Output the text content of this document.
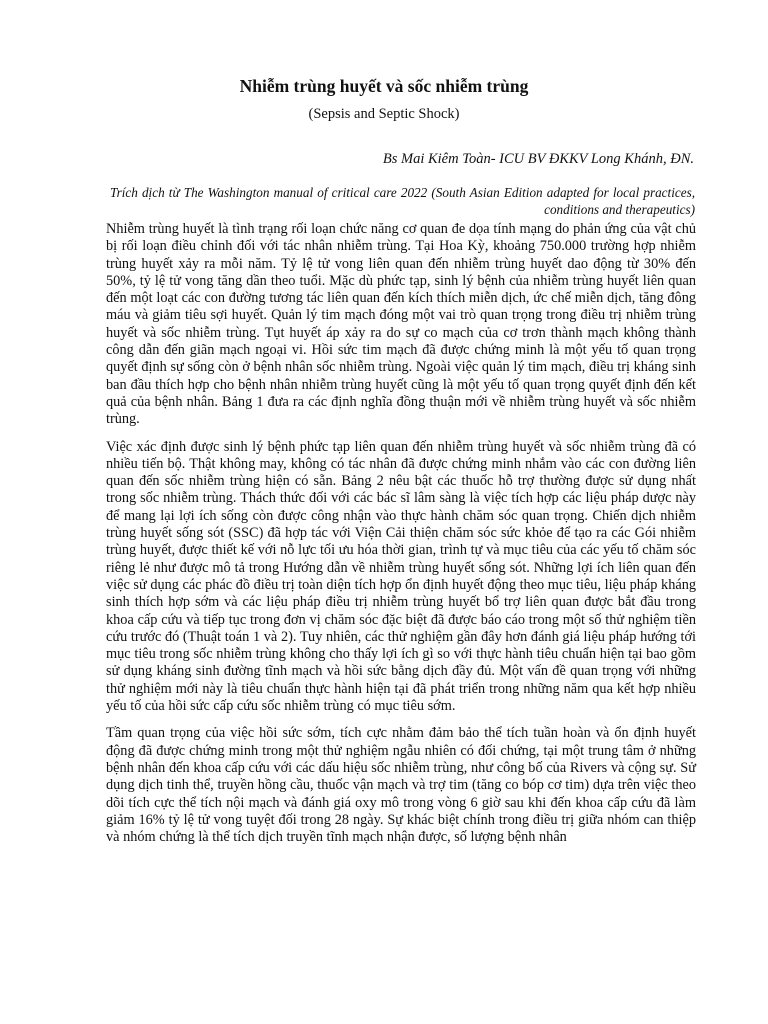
Nhiễm trùng huyết và sốc nhiễm trùng
(Sepsis and Septic Shock)
Bs Mai Kiêm Toàn- ICU BV ĐKKV Long Khánh, ĐN.
Trích dịch từ The Washington manual of critical care 2022 (South Asian Edition adapted for local practices, conditions and therapeutics)

Nhiễm trùng huyết là tình trạng rối loạn chức năng cơ quan đe dọa tính mạng do phản ứng của vật chủ bị rối loạn điều chỉnh đối với tác nhân nhiễm trùng. Tại Hoa Kỳ, khoảng 750.000 trường hợp nhiễm trùng huyết xảy ra mỗi năm. Tỷ lệ tử vong liên quan đến nhiễm trùng huyết dao động từ 30% đến 50%, tỷ lệ tử vong tăng dần theo tuổi. Mặc dù phức tạp, sinh lý bệnh của nhiễm trùng huyết liên quan đến một loạt các con đường tương tác liên quan đến kích thích miễn dịch, ức chế miễn dịch, tăng đông máu và giảm tiêu sợi huyết. Quản lý tim mạch đóng một vai trò quan trọng trong điều trị nhiễm trùng huyết và sốc nhiễm trùng. Tụt huyết áp xảy ra do sự co mạch của cơ trơn thành mạch không thành công dẫn đến giãn mạch ngoại vi. Hồi sức tim mạch đã được chứng minh là một yếu tố quan trọng quyết định sự sống còn ở bệnh nhân sốc nhiễm trùng. Ngoài việc quản lý tim mạch, điều trị kháng sinh ban đầu thích hợp cho bệnh nhân nhiễm trùng huyết cũng là một yếu tố quan trọng quyết định đến kết quả của bệnh nhân. Bảng 1 đưa ra các định nghĩa đồng thuận mới về nhiễm trùng huyết và sốc nhiễm trùng.

Việc xác định được sinh lý bệnh phức tạp liên quan đến nhiễm trùng huyết và sốc nhiễm trùng đã có nhiều tiến bộ. Thật không may, không có tác nhân đã được chứng minh nhắm vào các con đường liên quan đến sốc nhiễm trùng hiện có sẵn. Bảng 2 nêu bật các thuốc hỗ trợ thường được sử dụng nhất trong sốc nhiễm trùng. Thách thức đối với các bác sĩ lâm sàng là việc tích hợp các liệu pháp dược này để mang lại lợi ích sống còn được công nhận vào thực hành chăm sóc quan trọng. Chiến dịch nhiễm trùng huyết sống sót (SSC) đã hợp tác với Viện Cải thiện chăm sóc sức khỏe để tạo ra các Gói nhiễm trùng huyết, được thiết kế với nỗ lực tối ưu hóa thời gian, trình tự và mục tiêu của các yếu tố chăm sóc riêng lẻ như được mô tả trong Hướng dẫn về nhiễm trùng huyết sống sót. Những lợi ích liên quan đến việc sử dụng các phác đồ điều trị toàn diện tích hợp ổn định huyết động theo mục tiêu, liệu pháp kháng sinh thích hợp sớm và các liệu pháp điều trị nhiễm trùng huyết bổ trợ liên quan được bắt đầu trong khoa cấp cứu và tiếp tục trong đơn vị chăm sóc đặc biệt đã được báo cáo trong một số thử nghiệm tiền cứu trước đó (Thuật toán 1 và 2). Tuy nhiên, các thử nghiệm gần đây hơn đánh giá liệu pháp hướng tới mục tiêu trong sốc nhiễm trùng không cho thấy lợi ích gì so với thực hành tiêu chuẩn hiện tại bao gồm sử dụng kháng sinh đường tĩnh mạch và hồi sức bằng dịch đầy đủ. Một vấn đề quan trọng với những thử nghiệm mới này là tiêu chuẩn thực hành hiện tại đã phát triển trong những năm qua kết hợp nhiều yếu tố của hồi sức cấp cứu sốc nhiễm trùng có mục tiêu sớm.

Tầm quan trọng của việc hồi sức sớm, tích cực nhằm đảm bảo thể tích tuần hoàn và ổn định huyết động đã được chứng minh trong một thử nghiệm ngẫu nhiên có đối chứng, tại một trung tâm ở những bệnh nhân đến khoa cấp cứu với các dấu hiệu sốc nhiễm trùng, như công bố của Rivers và cộng sự. Sử dụng dịch tinh thể, truyền hồng cầu, thuốc vận mạch và trợ tim (tăng co bóp cơ tim) dựa trên việc theo dõi tích cực thể tích nội mạch và đánh giá oxy mô trong vòng 6 giờ sau khi đến khoa cấp cứu đã làm giảm 16% tỷ lệ tử vong tuyệt đối trong 28 ngày. Sự khác biệt chính trong điều trị giữa nhóm can thiệp và nhóm chứng là thể tích dịch truyền tĩnh mạch nhận được, số lượng bệnh nhân
